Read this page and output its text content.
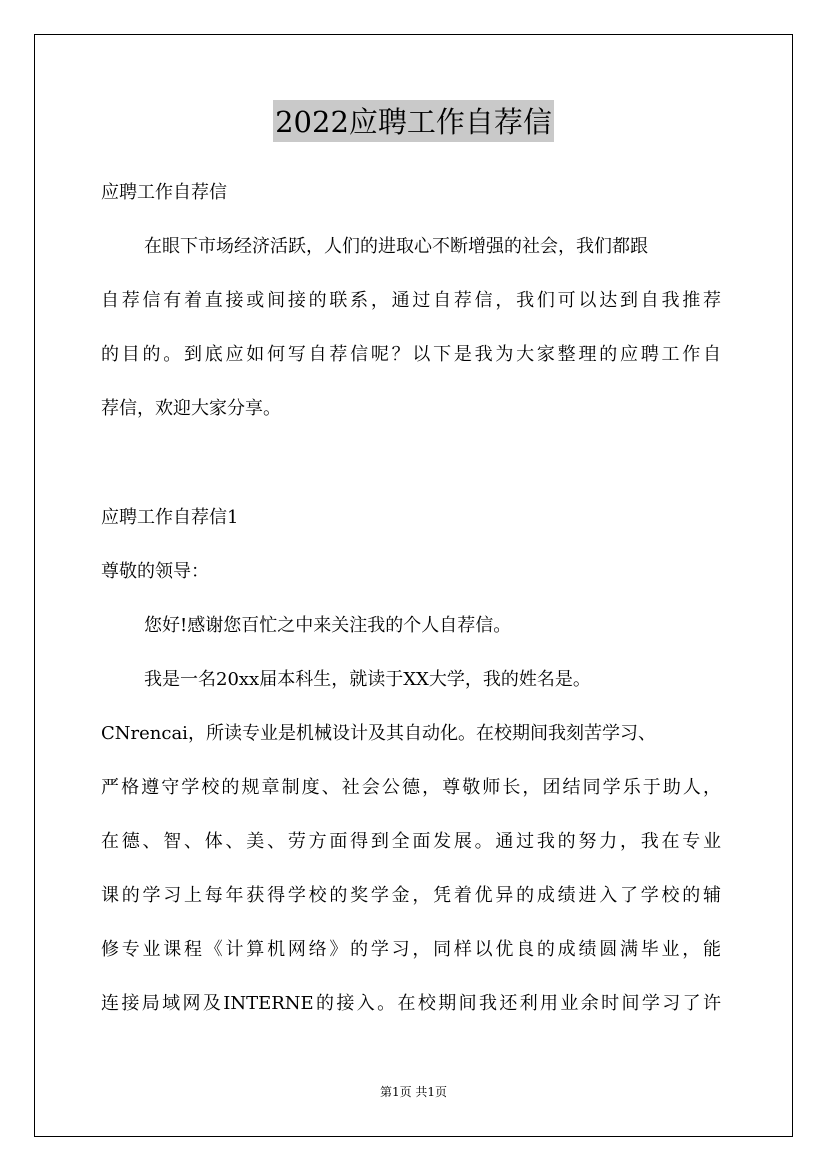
2022应聘工作自荐信
应聘工作自荐信
在眼下市场经济活跃，人们的进取心不断增强的社会，我们都跟
自荐信有着直接或间接的联系，通过自荐信，我们可以达到自我推荐
的目的。到底应如何写自荐信呢？以下是我为大家整理的应聘工作自
荐信，欢迎大家分享。
应聘工作自荐信1
尊敬的领导：
您好!感谢您百忙之中来关注我的个人自荐信。
我是一名20xx届本科生，就读于XX大学，我的姓名是。
CNrencai，所读专业是机械设计及其自动化。在校期间我刻苦学习、
严格遵守学校的规章制度、社会公德，尊敬师长，团结同学乐于助人，
在德、智、体、美、劳方面得到全面发展。通过我的努力，我在专业
课的学习上每年获得学校的奖学金，凭着优异的成绩进入了学校的辅
修专业课程《计算机网络》的学习，同样以优良的成绩圆满毕业，能
连接局域网及INTERNE的接入。在校期间我还利用业余时间学习了许
第1页 共1页
